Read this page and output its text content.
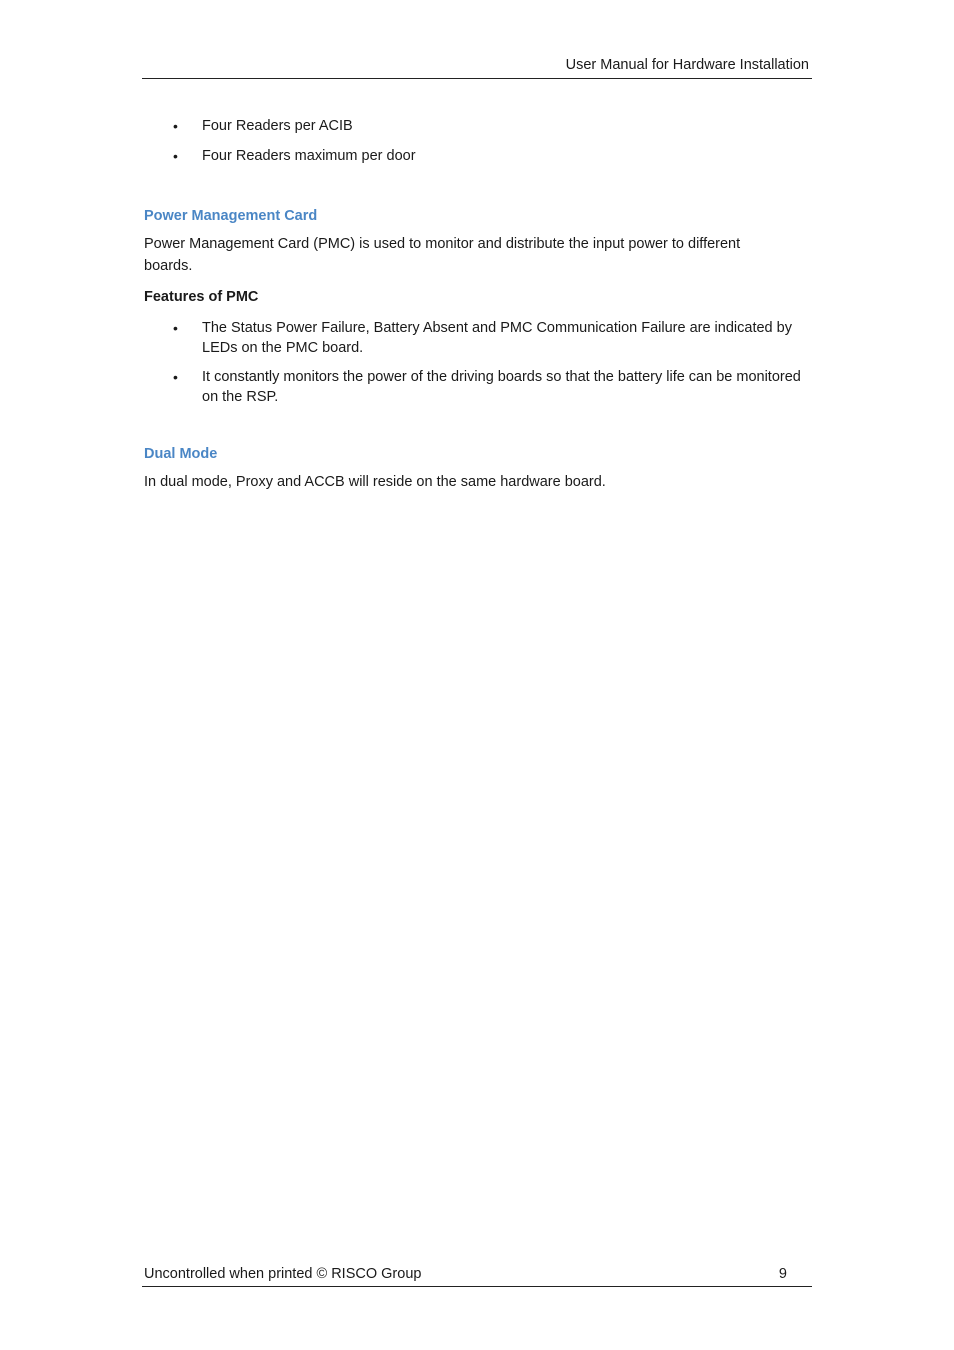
User Manual for Hardware Installation
• Four Readers per ACIB
• Four Readers maximum per door
Power Management Card
Power Management Card (PMC) is used to monitor and distribute the input power to different boards.
Features of PMC
• The Status Power Failure, Battery Absent and PMC Communication Failure are indicated by LEDs on the PMC board.
• It constantly monitors the power of the driving boards so that the battery life can be monitored on the RSP.
Dual Mode
In dual mode, Proxy and ACCB will reside on the same hardware board.
Uncontrolled when printed © RISCO Group	9
